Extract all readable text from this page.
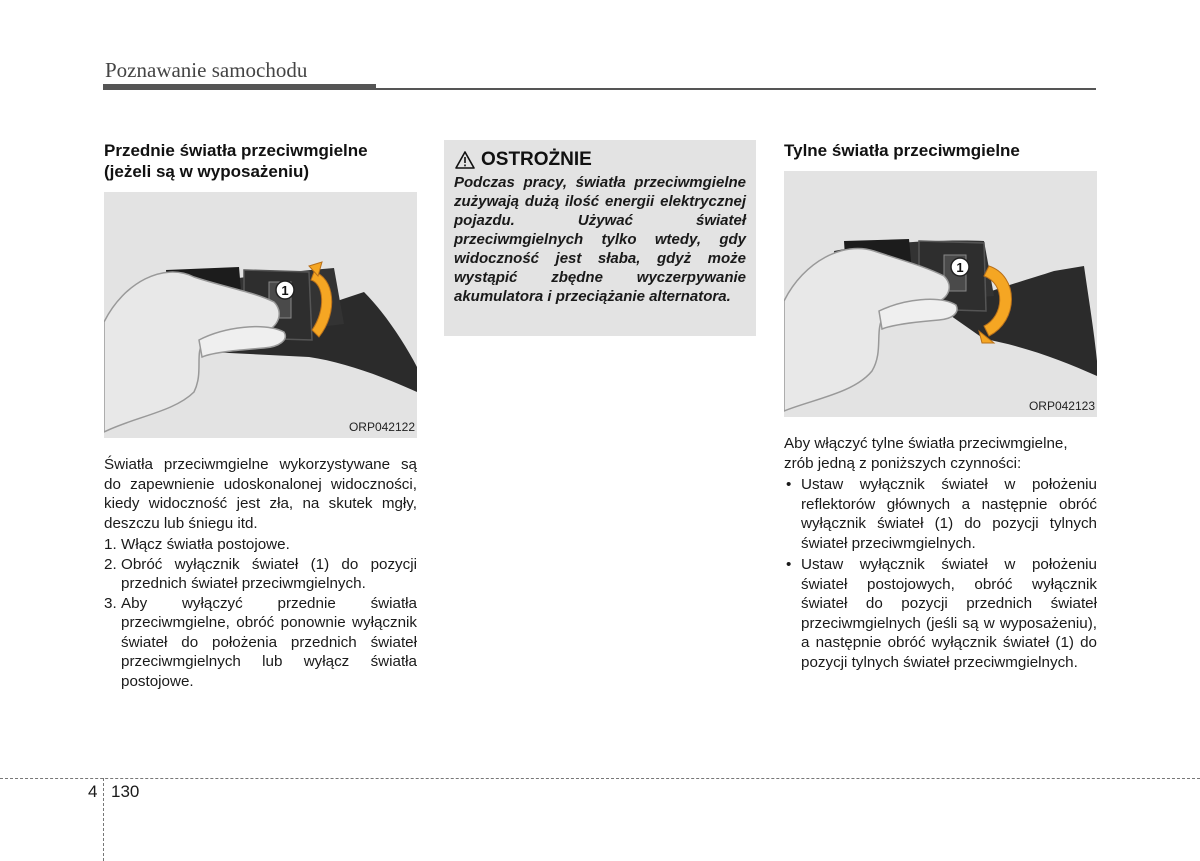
Poznawanie samochodu
Przednie światła przeciwmgielne
(jeżeli są w wyposażeniu)
1
ORP042122

Światła przeciwmgielne wykorzystywane są do zapewnienie udoskonalonej widoczności, kiedy widoczność jest zła, na skutek mgły, deszczu lub śniegu itd.

1. Włącz światła postojowe.
2. Obróć wyłącznik świateł (1) do pozycji przednich świateł przeciwmgielnych.
3. Aby wyłączyć przednie światła przeciwmgielne, obróć ponownie wyłącznik świateł do położenia przednich świateł przeciwmgielnych lub wyłącz światła postojowe.
OSTROŻNIE

Podczas pracy, światła przeciwmgielne zużywają dużą ilość energii elektrycznej pojazdu. Używać świateł przeciwmgielnych tylko wtedy, gdy widoczność jest słaba, gdyż może wystąpić zbędne wyczerpywanie akumulatora i przeciążanie alternatora.

Tylne światła przeciwmgielne
1
ORP042123

Aby włączyć tylne światła przeciwmgielne, zrób jedną z poniższych czynności:

• Ustaw wyłącznik świateł w położeniu reflektorów głównych a następnie obróć wyłącznik świateł (1) do pozycji tylnych świateł przeciwmgielnych.
• Ustaw wyłącznik świateł w położeniu świateł postojowych, obróć wyłącznik świateł do pozycji przednich świateł przeciwmgielnych (jeśli są w wyposażeniu), a następnie obróć wyłącznik świateł (1) do pozycji tylnych świateł przeciwmgielnych.
4 130
